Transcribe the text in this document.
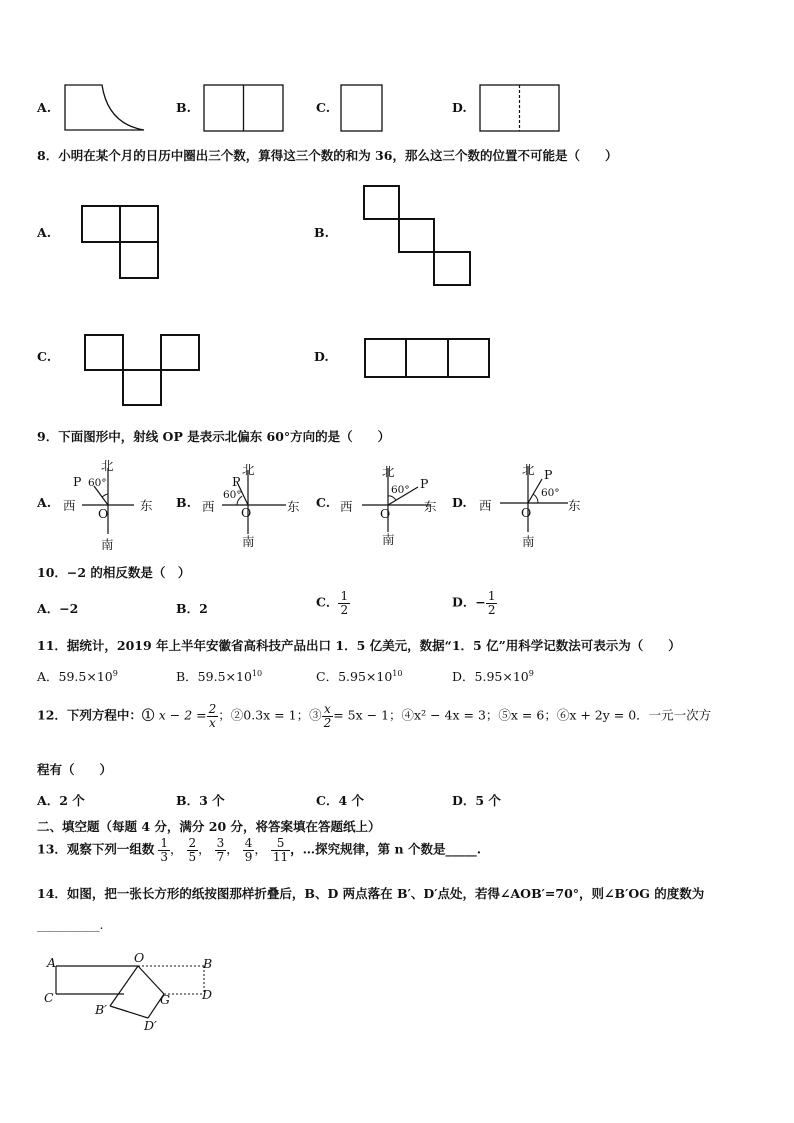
A.	B.	C.	D.
8．小明在某个月的日历中圈出三个数，算得这三个数的和为 36，那么这三个数的位置不可能是（　　）
A.	B.
C.	D.
9．下面图形中，射线 OP 是表示北偏东 60°方向的是（　　）
A.
北
南
西	东
O
P 60°
B.
北
南
西	东
O
P
60°	C.
北
南
西	东
O
P
60°
D.
北
南
西	东
O
P
60°
10．−2 的相反数是（　）
A．−2	B．2	C． $\frac{1}{2}$	D．− $\frac{1}{2}$
11．据统计，2019 年上半年安徽省高科技产品出口 1．5 亿美元，数据“1．5 亿”用科学记数法可表示为（　　）
A．$59.5\times 10^9$	B．$59.5\times 10^{10}$	C．$5.95\times 10^{10}$	D．$5.95\times 10^9$
12．下列方程中：① $x - 2 = \frac{2}{x}$ ；②0.3x = 1；③ $\frac{x}{2} = 5x - 1$；④x² − 4x = 3；⑤x = 6；⑥x + 2y = 0．一元一次方
程有（　　）
A．2 个	B．3 个	C．4 个	D．5 个
二、填空题（每题 4 分，满分 20 分，将答案填在答题纸上）
13．观察下列一组数 $\frac{1}{3}$ ， $\frac{2}{5}$ ， $\frac{3}{7}$ ， $\frac{4}{9}$ ， $\frac{5}{11}$ ，…探究规律，第 n 个数是_____.
14．如图，把一张长方形的纸按图那样折叠后，B、D 两点落在 B′、D′点处，若得∠AOB′=70°，则∠B′OG 的度数为
__________.
A	O	B
C	G	D
B′
D′
